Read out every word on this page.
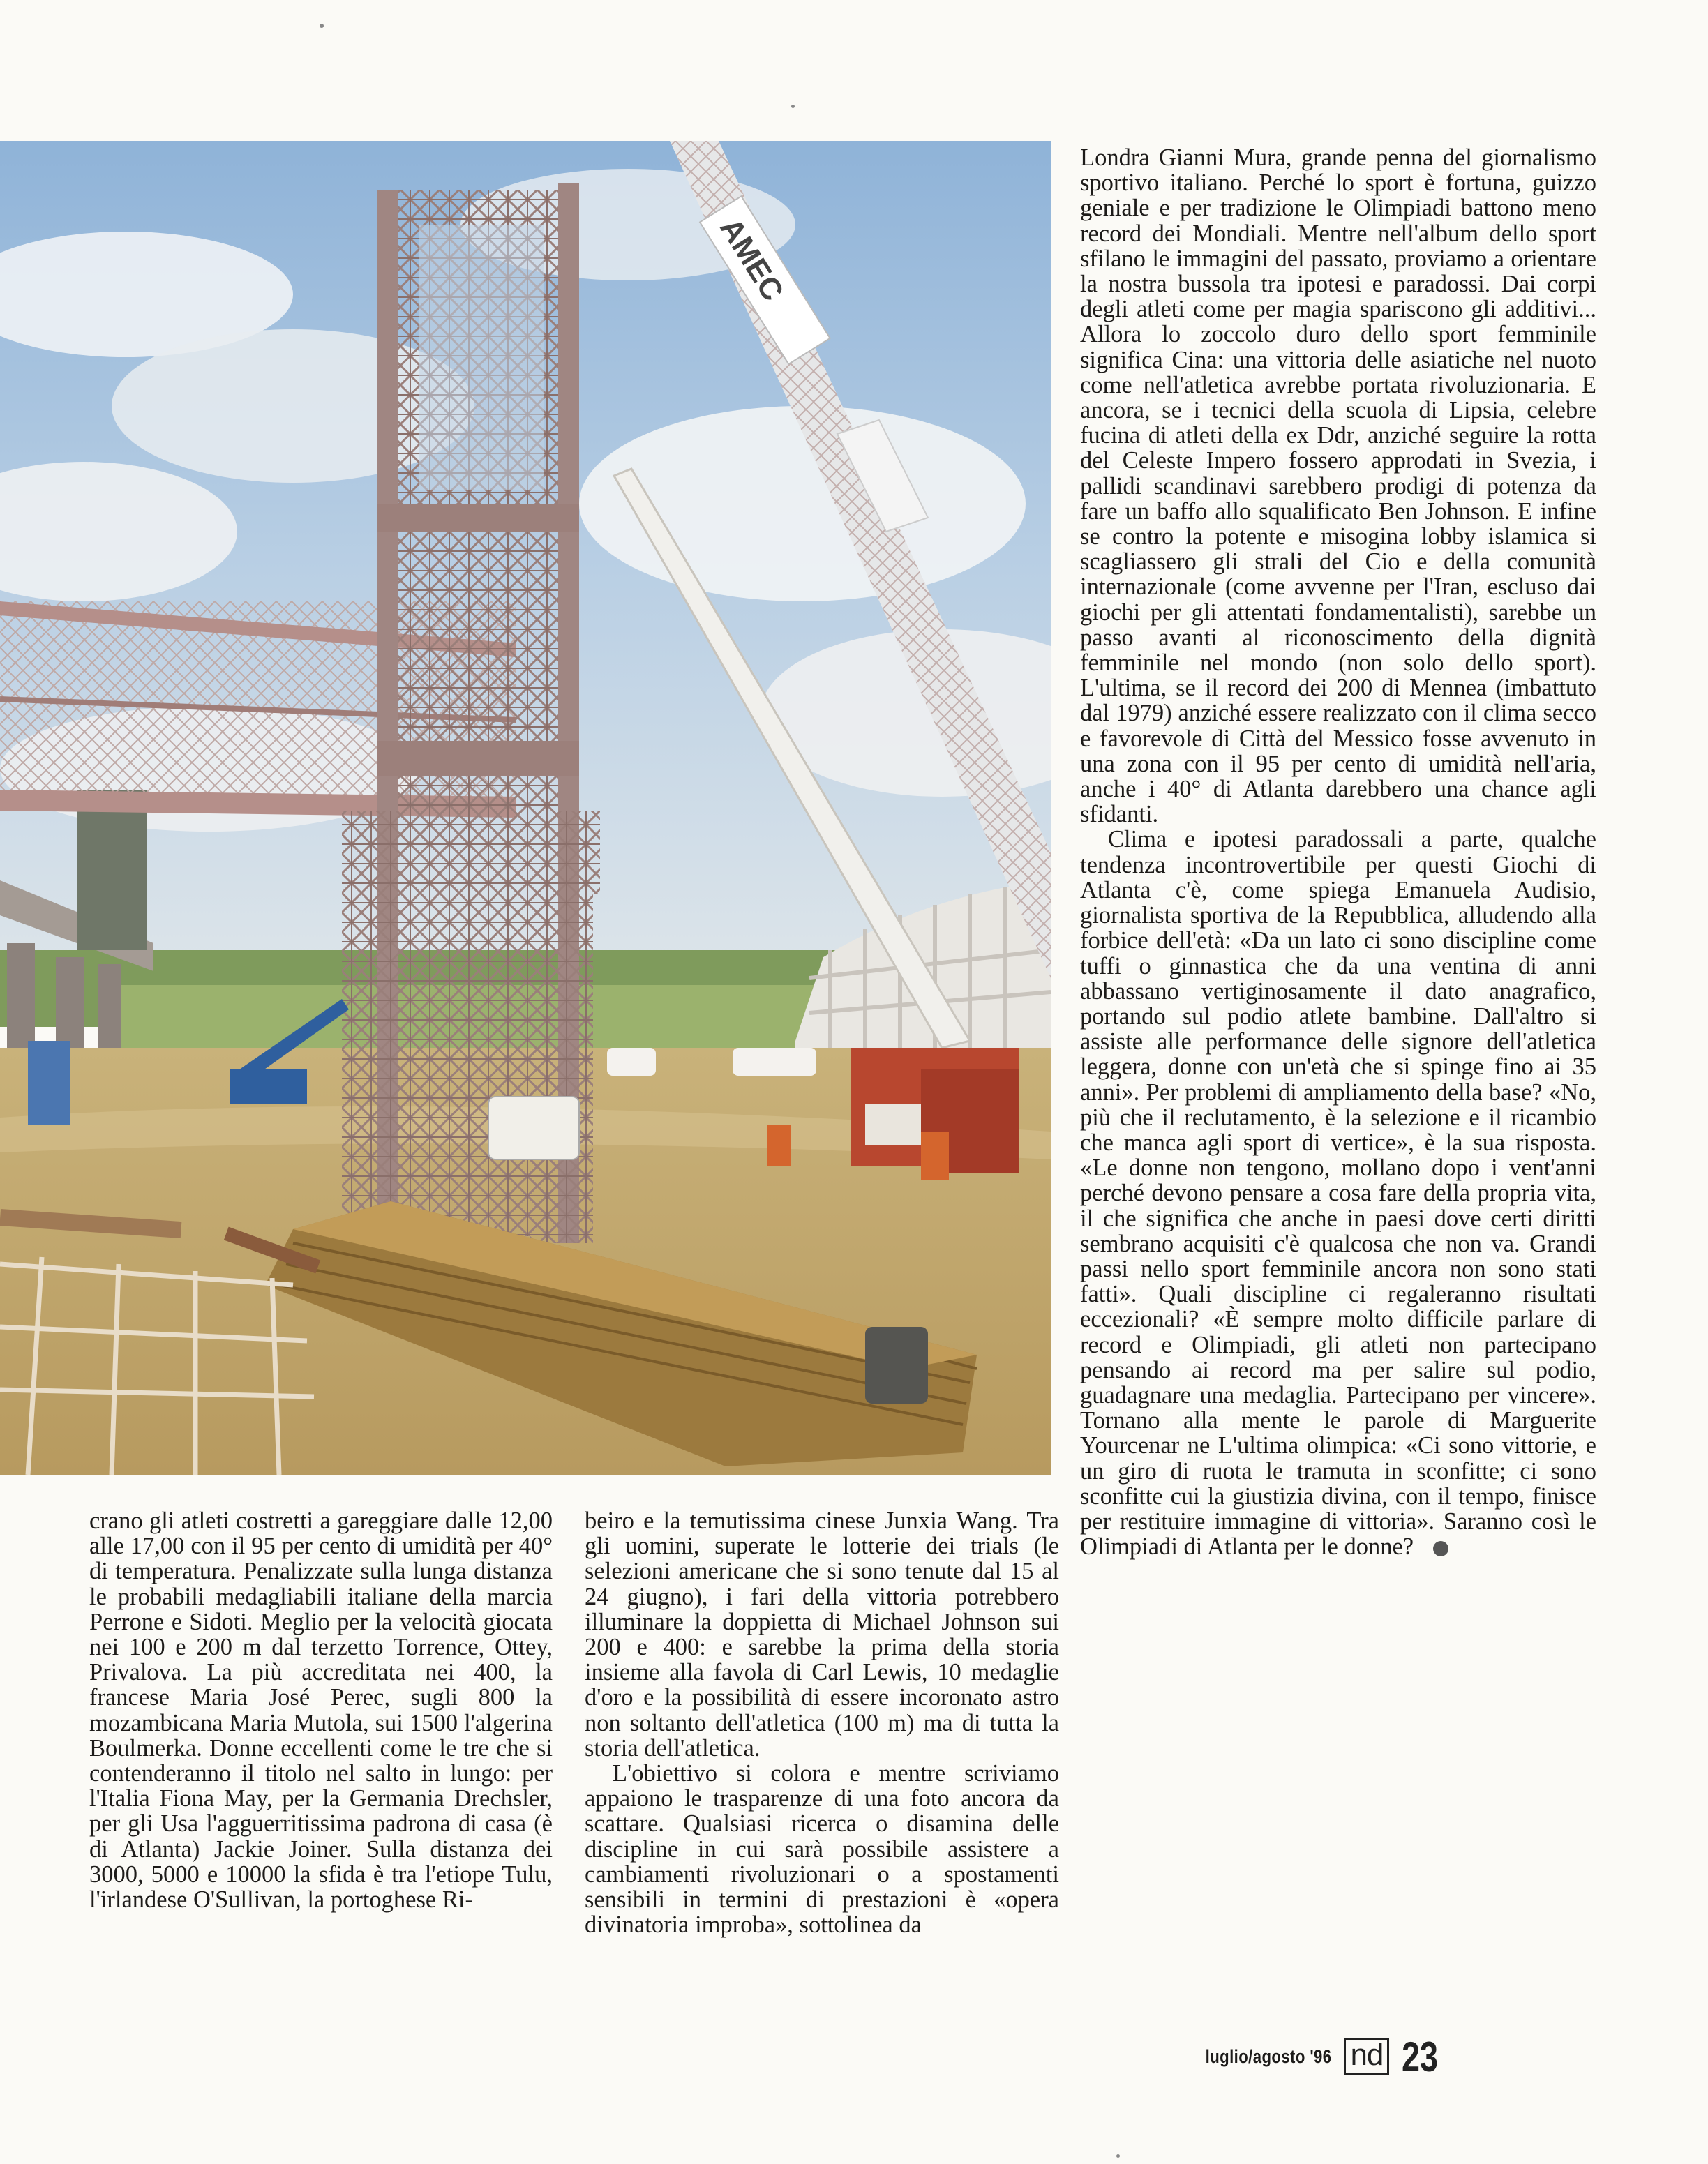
AMEC

Londra Gianni Mura, grande penna del giornalismo sportivo italiano. Perché lo sport è fortuna, guizzo geniale e per tradizione le Olimpiadi battono meno record dei Mondiali. Mentre nell'album dello sport sfilano le immagini del passato, proviamo a orientare la nostra bussola tra ipotesi e paradossi. Dai corpi degli atleti come per magia spariscono gli additivi... Allora lo zoccolo duro dello sport femminile significa Cina: una vittoria delle asiatiche nel nuoto come nell'atletica avrebbe portata rivoluzionaria. E ancora, se i tecnici della scuola di Lipsia, celebre fucina di atleti della ex Ddr, anziché seguire la rotta del Celeste Impero fossero approdati in Svezia, i pallidi scandinavi sarebbero prodigi di potenza da fare un baffo allo squalificato Ben Johnson. E infine se contro la potente e misogina lobby islamica si scagliassero gli strali del Cio e della comunità internazionale (come avvenne per l'Iran, escluso dai giochi per gli attentati fondamentalisti), sarebbe un passo avanti al riconoscimento della dignità femminile nel mondo (non solo dello sport). L'ultima, se il record dei 200 di Mennea (imbattuto dal 1979) anziché essere realizzato con il clima secco e favorevole di Città del Messico fosse avvenuto in una zona con il 95 per cento di umidità nell'aria, anche i 40° di Atlanta darebbero una chance agli sfidanti.

Clima e ipotesi paradossali a parte, qualche tendenza incontrovertibile per questi Giochi di Atlanta c'è, come spiega Emanuela Audisio, giornalista sportiva de la Repubblica, alludendo alla forbice dell'età: «Da un lato ci sono discipline come tuffi o ginnastica che da una ventina di anni abbassano vertiginosamente il dato anagrafico, portando sul podio atlete bambine. Dall'altro si assiste alle performance delle signore dell'atletica leggera, donne con un'età che si spinge fino ai 35 anni». Per problemi di ampliamento della base? «No, più che il reclutamento, è la selezione e il ricambio che manca agli sport di vertice», è la sua risposta. «Le donne non tengono, mollano dopo i vent'anni perché devono pensare a cosa fare della propria vita, il che significa che anche in paesi dove certi diritti sembrano acquisiti c'è qualcosa che non va. Grandi passi nello sport femminile ancora non sono stati fatti». Quali discipline ci regaleranno risultati eccezionali? «È sempre molto difficile parlare di record e Olimpiadi, gli atleti non partecipano pensando ai record ma per salire sul podio, guadagnare una medaglia. Partecipano per vincere». Tornano alla mente le parole di Marguerite Yourcenar ne L'ultima olimpica: «Ci sono vittorie, e un giro di ruota le tramuta in sconfitte; ci sono sconfitte cui la giustizia divina, con il tempo, finisce per restituire immagine di vittoria». Saranno così le Olimpiadi di Atlanta per le donne?

crano gli atleti costretti a gareggiare dalle 12,00 alle 17,00 con il 95 per cento di umidità per 40° di temperatura. Penalizzate sulla lunga distanza le probabili medagliabili italiane della marcia Perrone e Sidoti. Meglio per la velocità giocata nei 100 e 200 m dal terzetto Torrence, Ottey, Privalova. La più accreditata nei 400, la francese Maria José Perec, sugli 800 la mozambicana Maria Mutola, sui 1500 l'algerina Boulmerka. Donne eccellenti come le tre che si contenderanno il titolo nel salto in lungo: per l'Italia Fiona May, per la Germania Drechsler, per gli Usa l'agguerritissima padrona di casa (è di Atlanta) Jackie Joiner. Sulla distanza dei 3000, 5000 e 10000 la sfida è tra l'etiope Tulu, l'irlandese O'Sullivan, la portoghese Ri-

beiro e la temutissima cinese Junxia Wang. Tra gli uomini, superate le lotterie dei trials (le selezioni americane che si sono tenute dal 15 al 24 giugno), i fari della vittoria potrebbero illuminare la doppietta di Michael Johnson sui 200 e 400: e sarebbe la prima della storia insieme alla favola di Carl Lewis, 10 medaglie d'oro e la possibilità di essere incoronato astro non soltanto dell'atletica (100 m) ma di tutta la storia dell'atletica.

L'obiettivo si colora e mentre scriviamo appaiono le trasparenze di una foto ancora da scattare. Qualsiasi ricerca o disamina delle discipline in cui sarà possibile assistere a cambiamenti rivoluzionari o a spostamenti sensibili in termini di prestazioni è «opera divinatoria improba», sottolinea da

luglio/agosto '96 nd 23
